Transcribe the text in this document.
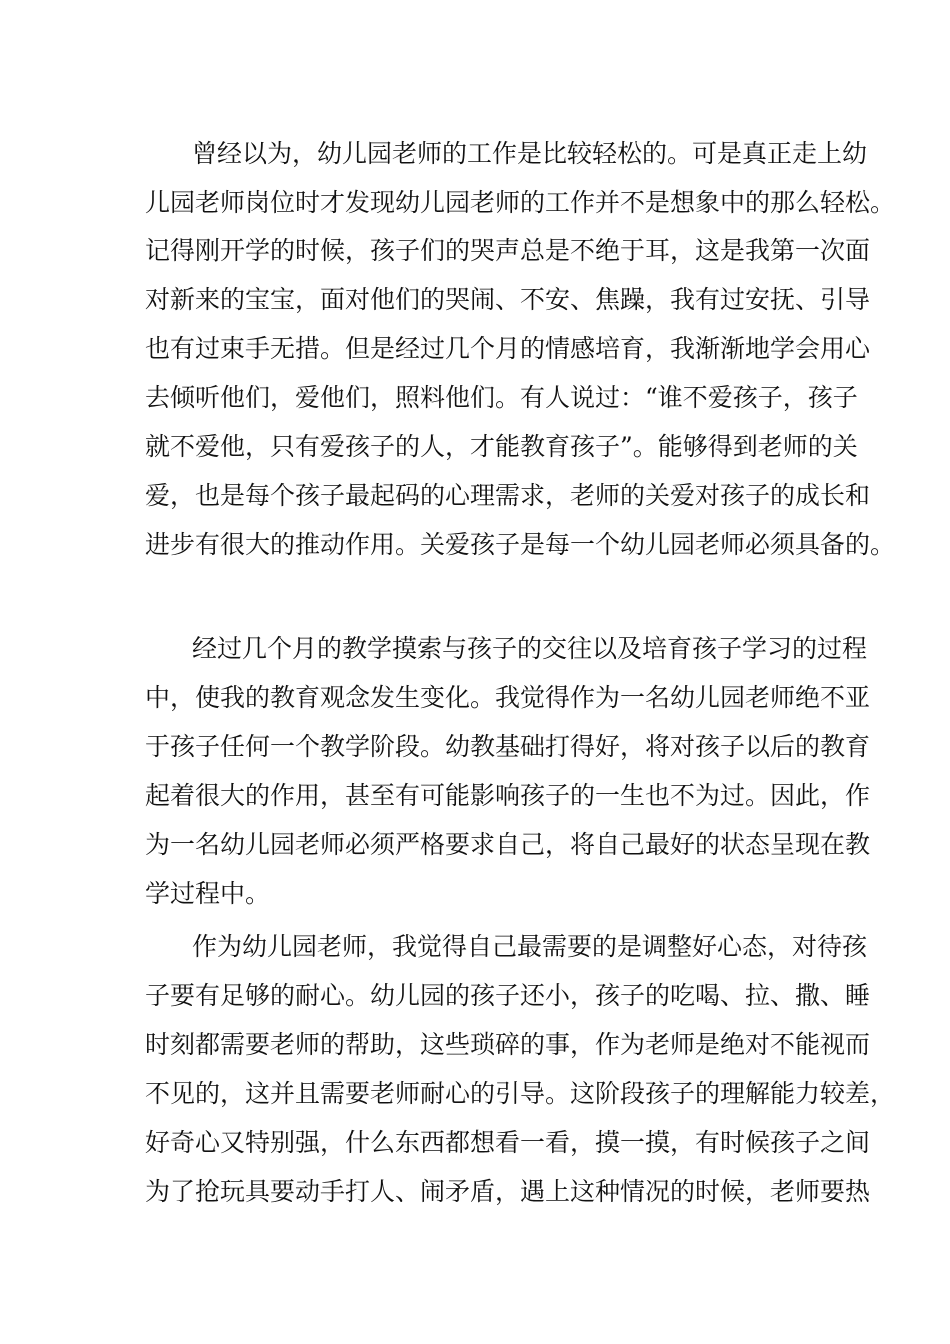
曾经以为，幼儿园老师的工作是比较轻松的。可是真正走上幼
儿园老师岗位时才发现幼儿园老师的工作并不是想象中的那么轻松。
记得刚开学的时候，孩子们的哭声总是不绝于耳，这是我第一次面
对新来的宝宝，面对他们的哭闹、不安、焦躁，我有过安抚、引导
也有过束手无措。但是经过几个月的情感培育，我渐渐地学会用心
去倾听他们，爱他们，照料他们。有人说过：“谁不爱孩子，孩子
就不爱他，只有爱孩子的人，才能教育孩子”。能够得到老师的关
爱，也是每个孩子最起码的心理需求，老师的关爱对孩子的成长和
进步有很大的推动作用。关爱孩子是每一个幼儿园老师必须具备的。
经过几个月的教学摸索与孩子的交往以及培育孩子学习的过程
中，使我的教育观念发生变化。我觉得作为一名幼儿园老师绝不亚
于孩子任何一个教学阶段。幼教基础打得好，将对孩子以后的教育
起着很大的作用，甚至有可能影响孩子的一生也不为过。因此，作
为一名幼儿园老师必须严格要求自己，将自己最好的状态呈现在教
学过程中。
作为幼儿园老师，我觉得自己最需要的是调整好心态，对待孩
子要有足够的耐心。幼儿园的孩子还小，孩子的吃喝、拉、撒、睡
时刻都需要老师的帮助，这些琐碎的事，作为老师是绝对不能视而
不见的，这并且需要老师耐心的引导。这阶段孩子的理解能力较差，
好奇心又特别强，什么东西都想看一看，摸一摸，有时候孩子之间
为了抢玩具要动手打人、闹矛盾，遇上这种情况的时候，老师要热
